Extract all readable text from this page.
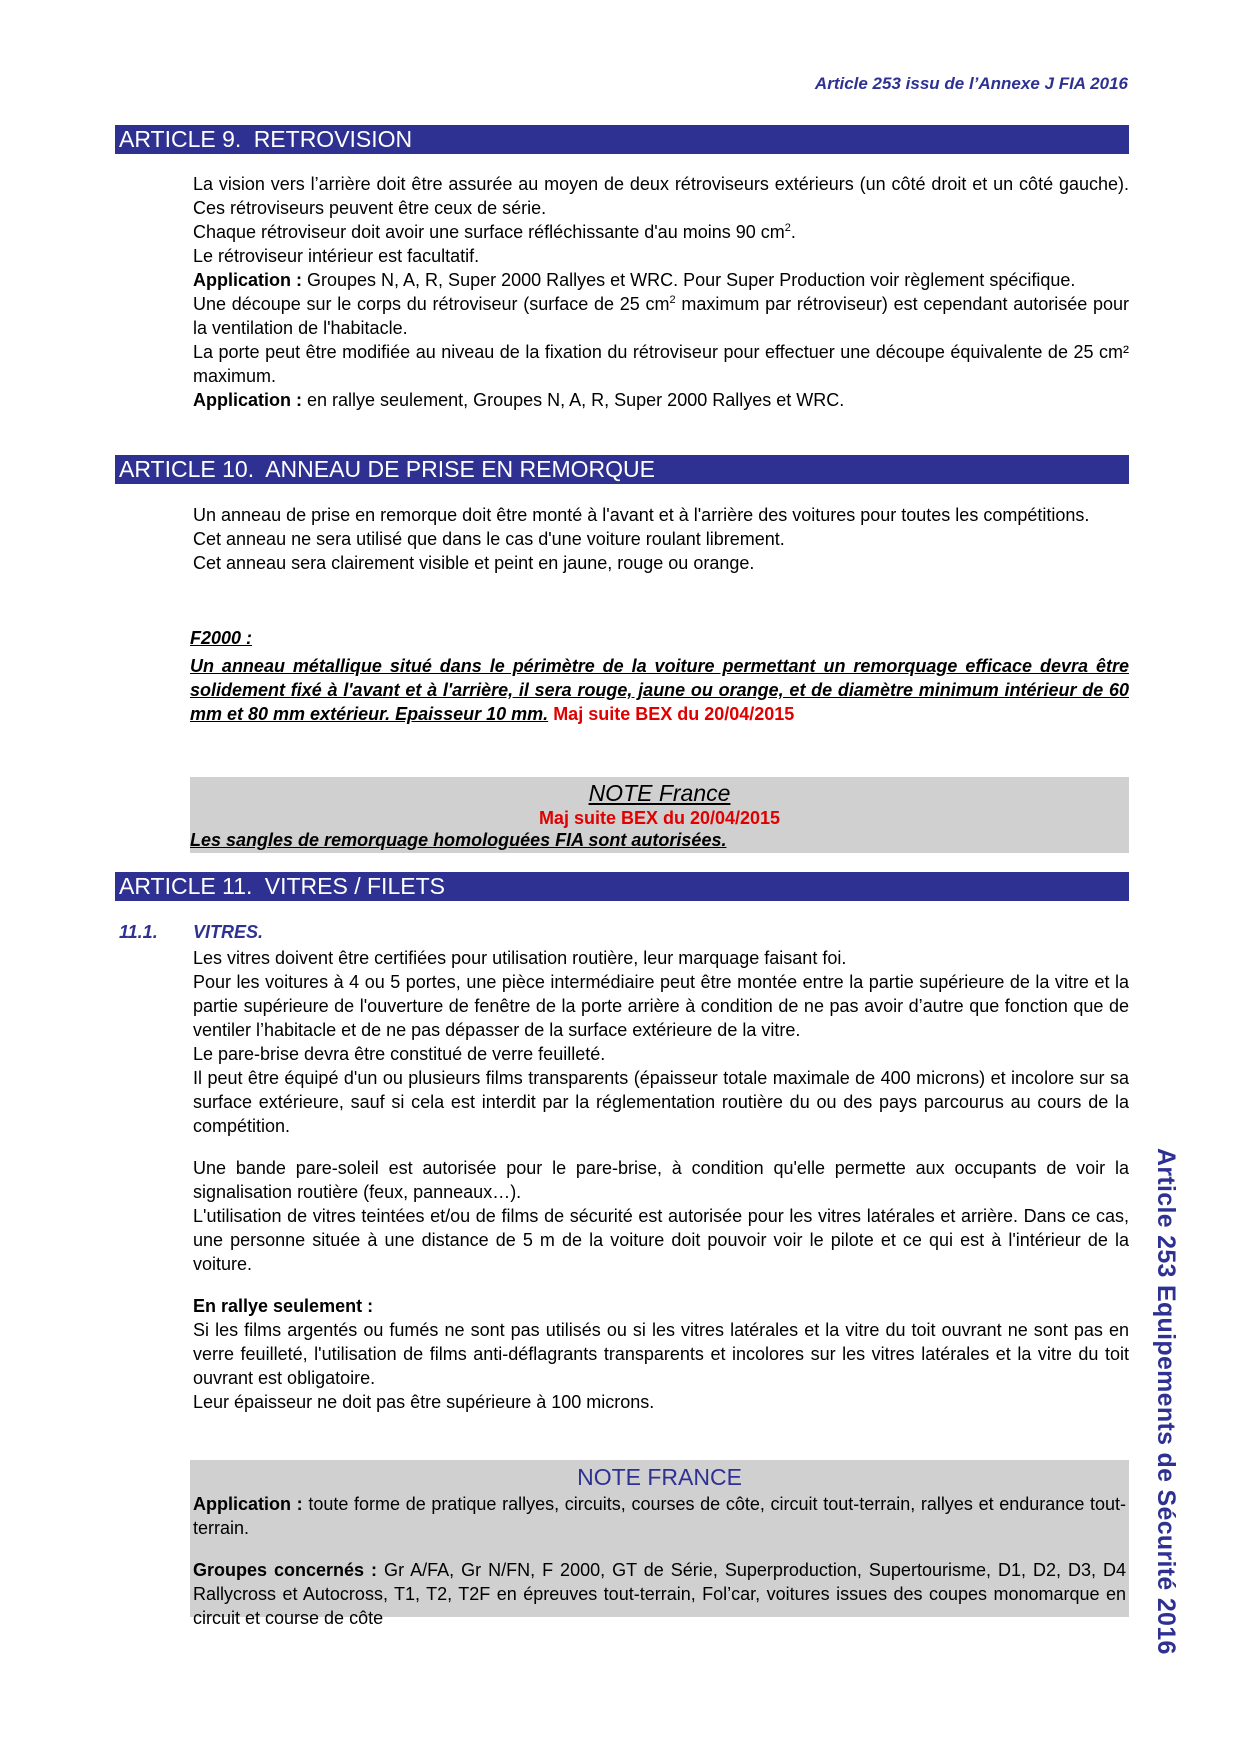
Article 253 issu de l’Annexe J FIA 2016
Article 253 Equipements de Sécurité 2016
ARTICLE 9. RETROVISION

La vision vers l’arrière doit être assurée au moyen de deux rétroviseurs extérieurs (un côté droit et un côté gauche). Ces rétroviseurs peuvent être ceux de série.

Chaque rétroviseur doit avoir une surface réfléchissante d'au moins 90 $cm^2$.

Le rétroviseur intérieur est facultatif.

Application : Groupes N, A, R, Super 2000 Rallyes et WRC. Pour Super Production voir règlement spécifique.

Une découpe sur le corps du rétroviseur (surface de 25 $cm^2$ maximum par rétroviseur) est cependant autorisée pour la ventilation de l'habitacle.

La porte peut être modifiée au niveau de la fixation du rétroviseur pour effectuer une découpe équivalente de 25 cm² maximum.

Application : en rallye seulement, Groupes N, A, R, Super 2000 Rallyes et WRC.

ARTICLE 10. ANNEAU DE PRISE EN REMORQUE

Un anneau de prise en remorque doit être monté à l'avant et à l'arrière des voitures pour toutes les compétitions.

Cet anneau ne sera utilisé que dans le cas d'une voiture roulant librement.

Cet anneau sera clairement visible et peint en jaune, rouge ou orange.

F2000 :

Un anneau métallique situé dans le périmètre de la voiture permettant un remorquage efficace devra être solidement fixé à l'avant et à l'arrière, il sera rouge, jaune ou orange, et de diamètre minimum intérieur de 60 mm et 80 mm extérieur. Epaisseur 10 mm. Maj suite BEX du 20/04/2015

NOTE France
Maj suite BEX du 20/04/2015
Les sangles de remorquage homologuées FIA sont autorisées.
ARTICLE 11. VITRES / FILETS
11.1. VITRES.

Les vitres doivent être certifiées pour utilisation routière, leur marquage faisant foi.

Pour les voitures à 4 ou 5 portes, une pièce intermédiaire peut être montée entre la partie supérieure de la vitre et la partie supérieure de l'ouverture de fenêtre de la porte arrière à condition de ne pas avoir d’autre que fonction que de ventiler l’habitacle et de ne pas dépasser de la surface extérieure de la vitre.

Le pare-brise devra être constitué de verre feuilleté.

Il peut être équipé d'un ou plusieurs films transparents (épaisseur totale maximale de 400 microns) et incolore sur sa surface extérieure, sauf si cela est interdit par la réglementation routière du ou des pays parcourus au cours de la compétition.

Une bande pare-soleil est autorisée pour le pare-brise, à condition qu'elle permette aux occupants de voir la signalisation routière (feux, panneaux…).

L'utilisation de vitres teintées et/ou de films de sécurité est autorisée pour les vitres latérales et arrière. Dans ce cas, une personne située à une distance de 5 m de la voiture doit pouvoir voir le pilote et ce qui est à l'intérieur de la voiture.

En rallye seulement :

Si les films argentés ou fumés ne sont pas utilisés ou si les vitres latérales et la vitre du toit ouvrant ne sont pas en verre feuilleté, l'utilisation de films anti-déflagrants transparents et incolores sur les vitres latérales et la vitre du toit ouvrant est obligatoire.

Leur épaisseur ne doit pas être supérieure à 100 microns.

NOTE FRANCE

Application : toute forme de pratique rallyes, circuits, courses de côte, circuit tout-terrain, rallyes et endurance tout-terrain.

Groupes concernés : Gr A/FA, Gr N/FN, F 2000, GT de Série, Superproduction, Supertourisme, D1, D2, D3, D4 Rallycross et Autocross, T1, T2, T2F en épreuves tout-terrain, Fol’car, voitures issues des coupes monomarque en circuit et course de côte
